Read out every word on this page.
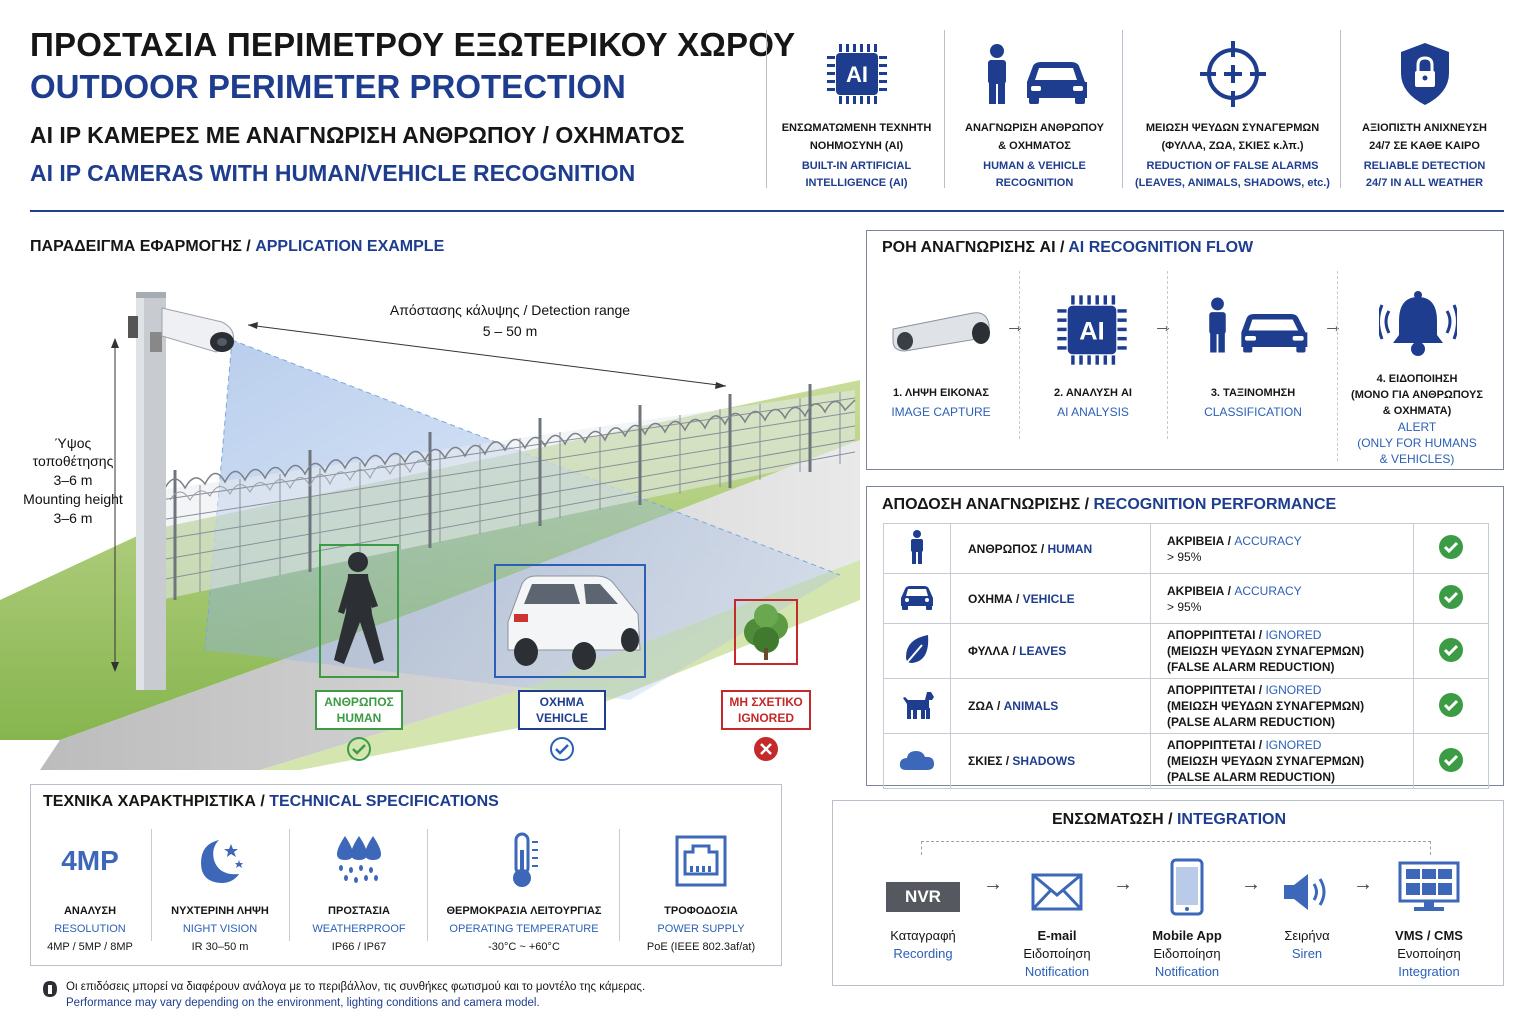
ΠΡΟΣΤΑΣΙΑ ΠΕΡΙΜΕΤΡΟΥ ΕΞΩΤΕΡΙΚΟΥ ΧΩΡΟΥ
OUTDOOR PERIMETER PROTECTION
AI IP ΚΑΜΕΡΕΣ ΜΕ ΑΝΑΓΝΩΡΙΣΗ ΑΝΘΡΩΠΟΥ / ΟΧΗΜΑΤΟΣ
AI IP CAMERAS WITH HUMAN/VEHICLE RECOGNITION
AI
ΕΝΣΩΜΑΤΩΜΕΝΗ ΤΕΧΝΗΤΗ
ΝΟΗΜΟΣΥΝΗ (AI)
BUILT-IN ARTIFICIAL
INTELLIGENCE (AI)
ΑΝΑΓΝΩΡΙΣΗ ΑΝΘΡΩΠΟΥ
& ΟΧΗΜΑΤΟΣ
HUMAN & VEHICLE
RECOGNITION
ΜΕΙΩΣΗ ΨΕΥΔΩΝ ΣΥΝΑΓΕΡΜΩΝ
(ΦΥΛΛΑ, ΖΩΑ, ΣΚΙΕΣ κ.λπ.)
REDUCTION OF FALSE ALARMS
(LEAVES, ANIMALS, SHADOWS, etc.)
ΑΞΙΟΠΙΣΤΗ ΑΝΙΧΝΕΥΣΗ
24/7 ΣΕ ΚΑΘΕ ΚΑΙΡΟ
RELIABLE DETECTION
24/7 IN ALL WEATHER
ΠΑΡΑΔΕΙΓΜΑ ΕΦΑΡΜΟΓΗΣ / APPLICATION EXAMPLE
Απόστασης κάλυψης / Detection range
5 – 50 m
Ύψος
τοποθέτησης
3–6 m
Mounting height
3–6 m
ΑΝΘΡΩΠΟΣ
HUMAN
ΟΧΗΜΑ
VEHICLE
ΜΗ ΣΧΕΤΙΚΟ
IGNORED
ΡΟΗ ΑΝΑΓΝΩΡΙΣΗΣ AI / AI RECOGNITION FLOW
1. ΛΗΨΗ ΕΙΚΟΝΑΣ
IMAGE CAPTURE
→ AI
2. ΑΝΑΛΥΣΗ AI
AI ANALYSIS
→
3. ΤΑΞΙΝΟΜΗΣΗ
CLASSIFICATION
→
4. ΕΙΔΟΠΟΙΗΣΗ
(ΜΟΝΟ ΓΙΑ ΑΝΘΡΩΠΟΥΣ
& ΟΧΗΜΑΤΑ)
ALERT
(ONLY FOR HUMANS
& VEHICLES)
ΑΠΟΔΟΣΗ ΑΝΑΓΝΩΡΙΣΗΣ / RECOGNITION PERFORMANCE
	ΑΝΘΡΩΠΟΣ / HUMAN	ΑΚΡΙΒΕΙΑ / ACCURACY
> 95%

	ΟΧΗΜΑ / VEHICLE	ΑΚΡΙΒΕΙΑ / ACCURACY
> 95%

	ΦΥΛΛΑ / LEAVES	ΑΠΟΡΡΙΠΤΕΤΑΙ / IGNORED
(ΜΕΙΩΣΗ ΨΕΥΔΩΝ ΣΥΝΑΓΕΡΜΩΝ)
(FALSE ALARM REDUCTION)

	ΖΩΑ / ANIMALS	ΑΠΟΡΡΙΠΤΕΤΑΙ / IGNORED
(ΜΕΙΩΣΗ ΨΕΥΔΩΝ ΣΥΝΑΓΕΡΜΩΝ)
(PALSE ALARM REDUCTION)

	ΣΚΙΕΣ / SHADOWS	ΑΠΟΡΡΙΠΤΕΤΑΙ / IGNORED
(ΜΕΙΩΣΗ ΨΕΥΔΩΝ ΣΥΝΑΓΕΡΜΩΝ)
(PALSE ALARM REDUCTION)

ΤΕΧΝΙΚΑ ΧΑΡΑΚΤΗΡΙΣΤΙΚΑ / TECHNICAL SPECIFICATIONS
4MP
ΑΝΑΛΥΣΗ
RESOLUTION
4MP / 5MP / 8MP
ΝΥΧΤΕΡΙΝΗ ΛΗΨΗ
NIGHT VISION
IR 30–50 m
ΠΡΟΣΤΑΣΙΑ
WEATHERPROOF
IP66 / IP67
ΘΕΡΜΟΚΡΑΣΙΑ ΛΕΙΤΟΥΡΓΙΑΣ
OPERATING TEMPERATURE
-30°C ~ +60°C
ΤΡΟΦΟΔΟΣΙΑ
POWER SUPPLY
PoE (IEEE 802.3af/at)
ΕΝΣΩΜΑΤΩΣΗ / INTEGRATION
NVR
Καταγραφή
Recording
→
E-mail
Ειδοποίηση
Notification
→
Mobile App
Ειδοποίηση
Notification
→
Σειρήνα
Siren
→
VMS / CMS
Ενοποίηση
Integration
Οι επιδόσεις μπορεί να διαφέρουν ανάλογα με το περιβάλλον, τις συνθήκες φωτισμού και το μοντέλο της κάμερας.
Performance may vary depending on the environment, lighting conditions and camera model.
